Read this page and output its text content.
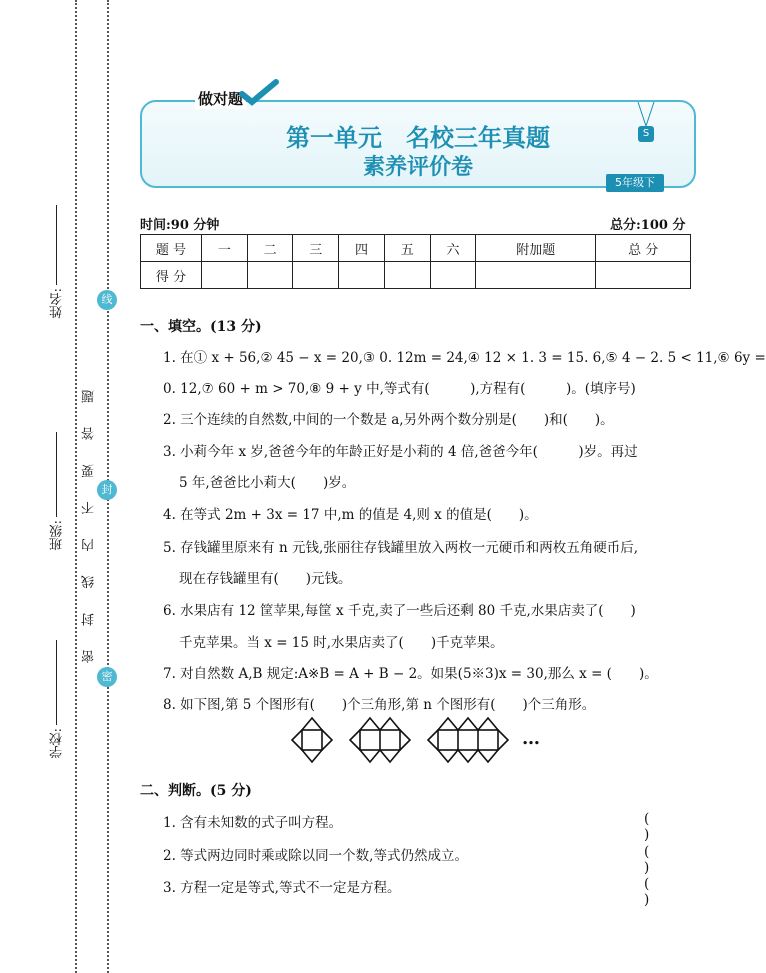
姓名:
班级:
学校:
密 封 线 内 不 要 答 题
线
封
密
第一单元　名校三年真题
素养评价卷
做对题
S
5年级下
时间:90 分钟	总分:100 分
题 号	一	二	三	四	五	六	附加题	总 分
得 分								
一、填空。(13 分)
1. 在① x + 56,② 45 − x = 20,③ 0. 12m = 24,④ 12 × 1. 3 = 15. 6,⑤ 4 − 2. 5 < 11,⑥ 6y =
0. 12,⑦ 60 + m > 70,⑧ 9 + y 中,等式有(　　　),方程有(　　　)。(填序号)
2. 三个连续的自然数,中间的一个数是 a,另外两个数分别是(　　)和(　　)。
3. 小莉今年 x 岁,爸爸今年的年龄正好是小莉的 4 倍,爸爸今年(　　　)岁。再过
5 年,爸爸比小莉大(　　)岁。
4. 在等式 2m + 3x = 17 中,m 的值是 4,则 x 的值是(　　)。
5. 存钱罐里原来有 n 元钱,张丽往存钱罐里放入两枚一元硬币和两枚五角硬币后,
现在存钱罐里有(　　)元钱。
6. 水果店有 12 筐苹果,每筐 x 千克,卖了一些后还剩 80 千克,水果店卖了(　　)
千克苹果。当 x = 15 时,水果店卖了(　　)千克苹果。
7. 对自然数 A,B 规定:A※B = A + B − 2。如果(5※3)x = 30,那么 x = (　　)。
8. 如下图,第 5 个图形有(　　)个三角形,第 n 个图形有(　　)个三角形。
…
二、判断。(5 分)
1. 含有未知数的式子叫方程。	( )
2. 等式两边同时乘或除以同一个数,等式仍然成立。	( )
3. 方程一定是等式,等式不一定是方程。	( )
